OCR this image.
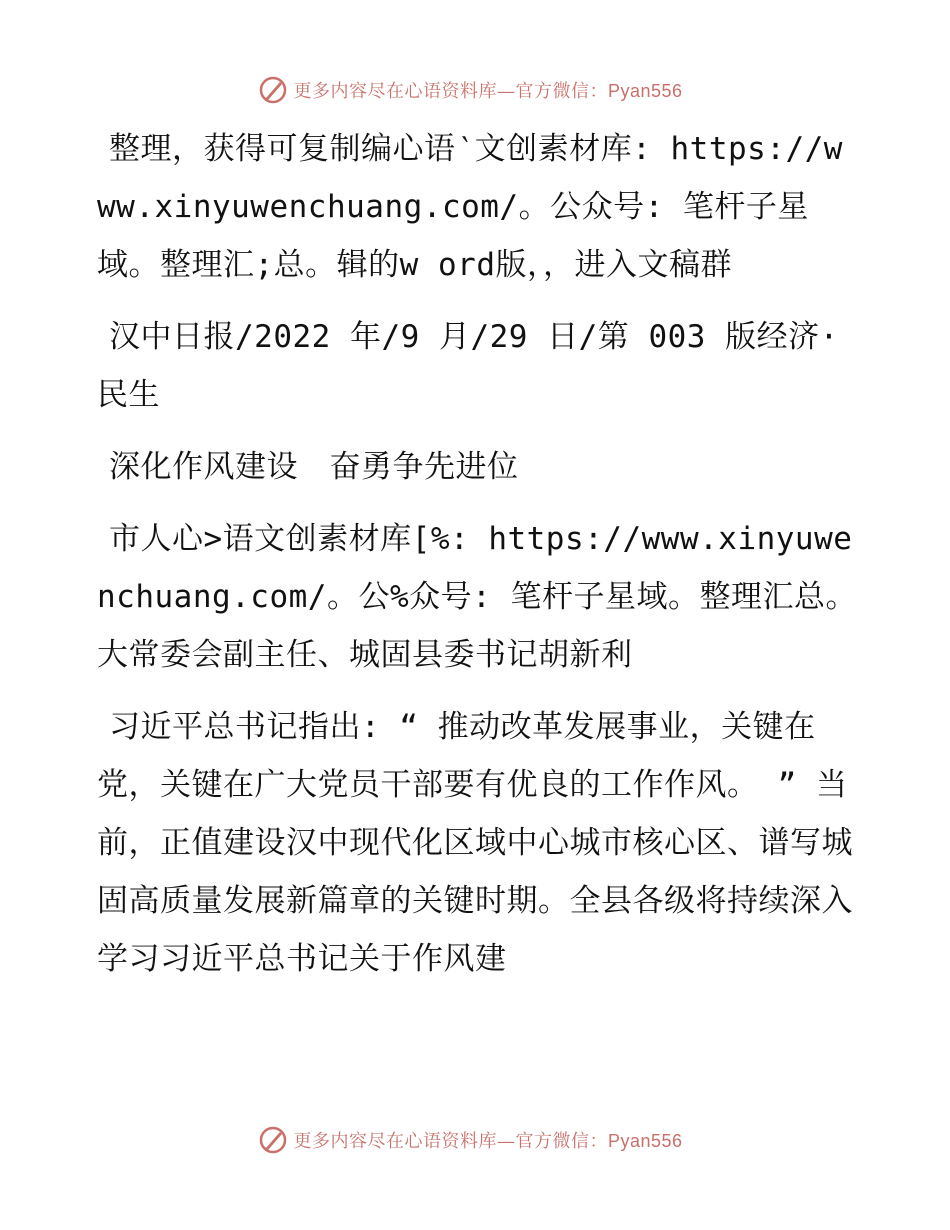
更多内容尽在心语资料库—官方微信：Pyan556

整理，获得可复制编心语‵文创素材库: https://www.xinyuwenchuang.com/。公众号: 笔杆子星域。整理汇;总。辑的w ord版，，进入文稿群

汉中日报/2022 年/9 月/29 日/第 003 版经济·民生

深化作风建设　奋勇争先进位

市人心>语文创素材库[%: https://www.xinyuwenchuang.com/。公%众号: 笔杆子星域。整理汇总。大常委会副主任、城固县委书记胡新利

习近平总书记指出: “ 推动改革发展事业，关键在党，关键在广大党员干部要有优良的工作作风。 ” 当前，正值建设汉中现代化区域中心城市核心区、谱写城固高质量发展新篇章的关键时期。全县各级将持续深入学习习近平总书记关于作风建

更多内容尽在心语资料库—官方微信：Pyan556
